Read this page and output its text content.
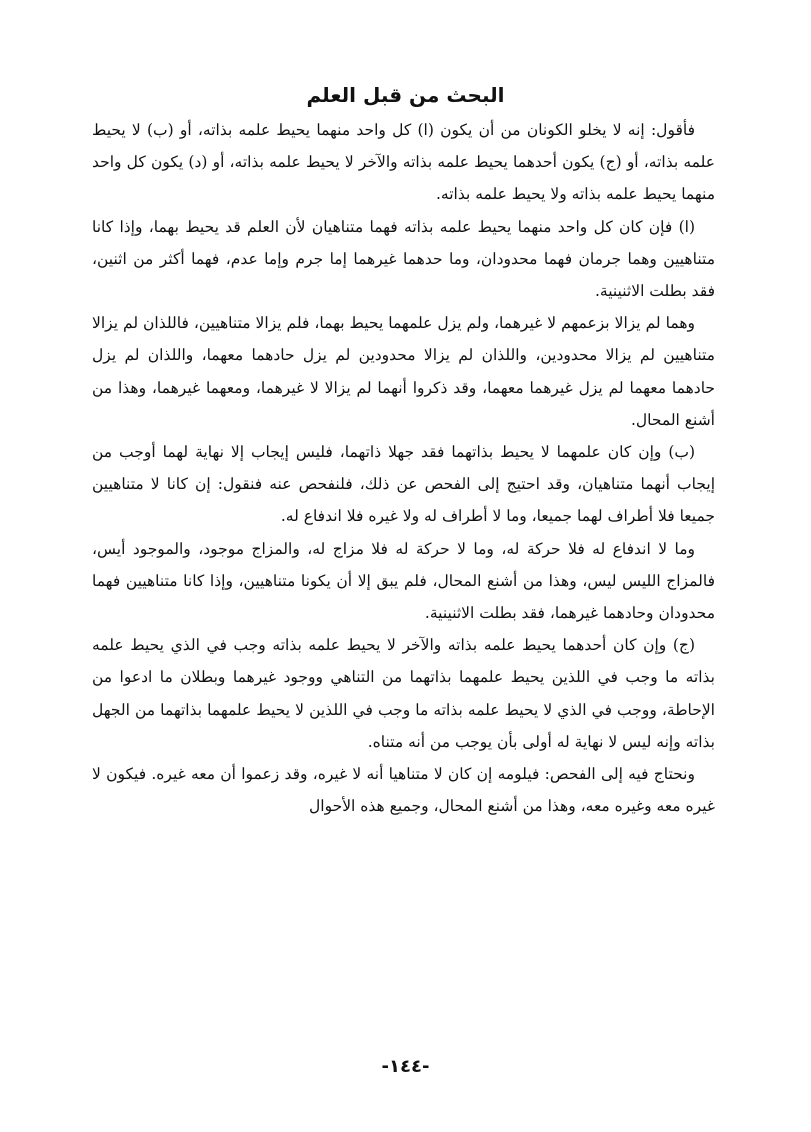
البحث من قبل العلم

فأقول: إنه لا يخلو الكونان من أن يكون (ا) كل واحد منهما يحيط علمه بذاته، أو (ب) لا يحيط علمه بذاته، أو (ج) يكون أحدهما يحيط علمه بذاته والآخر لا يحيط علمه بذاته، أو (د) يكون كل واحد منهما يحيط علمه بذاته ولا يحيط علمه بذاته.

(ا) فإن كان كل واحد منهما يحيط علمه بذاته فهما متناهيان لأن العلم قد يحيط بهما، وإذا كانا متناهيين وهما جرمان فهما محدودان، وما حدهما غيرهما إما جرم وإما عدم، فهما أكثر من اثنين، فقد بطلت الاثنينية.

وهما لم يزالا بزعمهم لا غيرهما، ولم يزل علمهما يحيط بهما، فلم يزالا متناهيين، فاللذان لم يزالا متناهيين لم يزالا محدودين، واللذان لم يزالا محدودين لم يزل حادهما معهما، واللذان لم يزل حادهما معهما لم يزل غيرهما معهما، وقد ذكروا أنهما لم يزالا لا غيرهما، ومعهما غيرهما، وهذا من أشنع المحال.

(ب) وإن كان علمهما لا يحيط بذاتهما فقد جهلا ذاتهما، فليس إيجاب إلا نهاية لهما أوجب من إيجاب أنهما متناهيان، وقد احتيج إلى الفحص عن ذلك، فلنفحص عنه فنقول: إن كانا لا متناهيين جميعا فلا أطراف لهما جميعا، وما لا أطراف له ولا غيره فلا اندفاع له.

وما لا اندفاع له فلا حركة له، وما لا حركة له فلا مزاج له، والمزاج موجود، والموجود أيس، فالمزاج الليس ليس، وهذا من أشنع المحال، فلم يبق إلا أن يكونا متناهيين، وإذا كانا متناهيين فهما محدودان وحادهما غيرهما، فقد بطلت الاثنينية.

(ج) وإن كان أحدهما يحيط علمه بذاته والآخر لا يحيط علمه بذاته وجب في الذي يحيط علمه بذاته ما وجب في اللذين يحيط علمهما بذاتهما من التناهي ووجود غيرهما وبطلان ما ادعوا من الإحاطة، ووجب في الذي لا يحيط علمه بذاته ما وجب في اللذين لا يحيط علمهما بذاتهما من الجهل بذاته وإنه ليس لا نهاية له أولى بأن يوجب من أنه متناه.

ونحتاج فيه إلى الفحص: فيلومه إن كان لا متناهيا أنه لا غيره، وقد زعموا أن معه غيره. فيكون لا غيره معه وغيره معه، وهذا من أشنع المحال، وجميع هذه الأحوال

-١٤٤-
